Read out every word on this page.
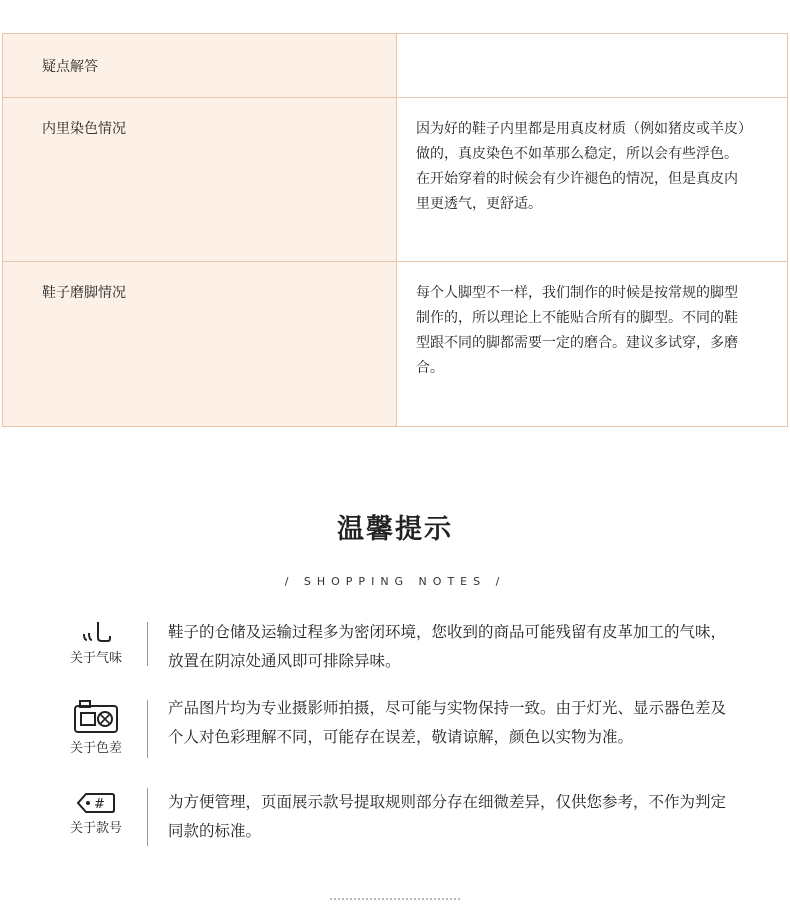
疑点解答	

内里染色情况	因为好的鞋子内里都是用真皮材质（例如猪皮或羊皮）做的，真皮染色不如革那么稳定，所以会有些浮色。在开始穿着的时候会有少许褪色的情况，但是真皮内里更透气，更舒适。

鞋子磨脚情况	每个人脚型不一样，我们制作的时候是按常规的脚型制作的，所以理论上不能贴合所有的脚型。不同的鞋型跟不同的脚都需要一定的磨合。建议多试穿，多磨合。
温馨提示
/ SHOPPING NOTES /
关于气味
鞋子的仓储及运输过程多为密闭环境，您收到的商品可能残留有皮革加工的气味，放置在阴凉处通风即可排除异味。
关于色差
产品图片均为专业摄影师拍摄，尽可能与实物保持一致。由于灯光、显示器色差及个人对色彩理解不同，可能存在误差，敬请谅解，颜色以实物为准。
#
关于款号
为方便管理，页面展示款号提取规则部分存在细微差异，仅供您参考，不作为判定同款的标准。
